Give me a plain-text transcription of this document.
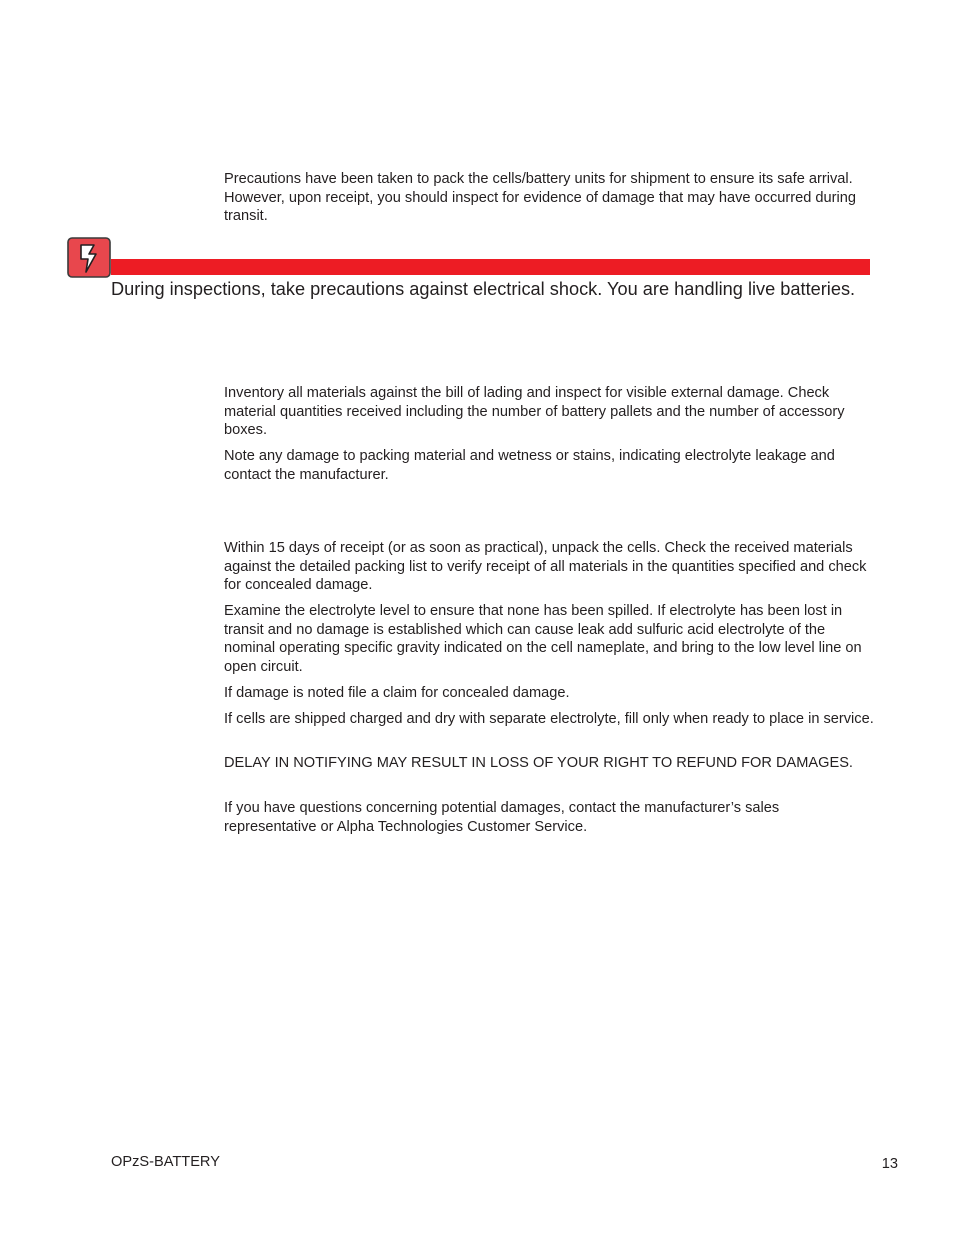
Precautions have been taken to pack the cells/battery units for shipment to ensure its safe arrival. However, upon receipt, you should inspect for evidence of damage that may have occurred during transit.

During inspections, take precautions against electrical shock. You are handling live batteries.

Inventory all materials against the bill of lading and inspect for visible external damage. Check material quantities received including the number of battery pallets and the number of accessory boxes.

Note any damage to packing material and wetness or stains, indicating electrolyte leakage and contact the manufacturer.

Within 15 days of receipt (or as soon as practical), unpack the cells. Check the received materials against the detailed packing list to verify receipt of all materials in the quantities specified and check for concealed damage.

Examine the electrolyte level to ensure that none has been spilled. If electrolyte has been lost in transit and no damage is established which can cause leak add sulfuric acid electrolyte of the nominal operating specific gravity indicated on the cell nameplate, and bring to the low level line on open circuit.

If damage is noted file a claim for concealed damage.

If cells are shipped charged and dry with separate electrolyte, fill only when ready to place in service.

DELAY IN NOTIFYING MAY RESULT IN LOSS OF YOUR RIGHT TO REFUND FOR DAMAGES.

If you have questions concerning potential damages, contact the manufacturer’s sales representative or Alpha Technologies Customer Service.

OPzS-BATTERY	13
